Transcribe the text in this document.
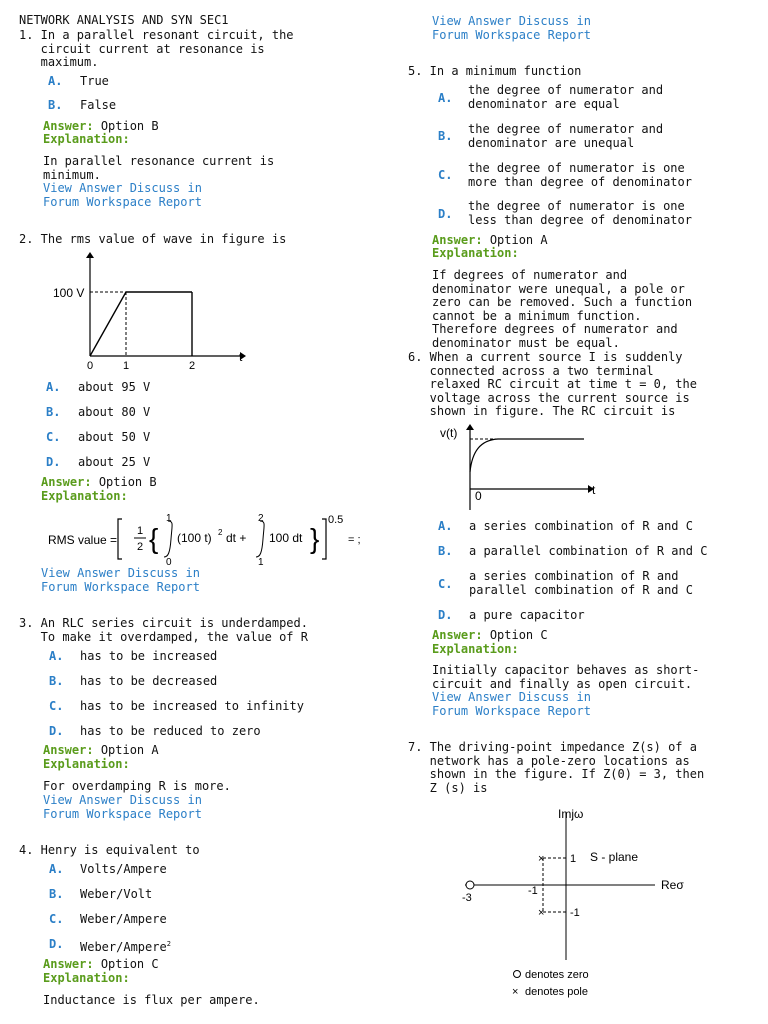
NETWORK ANALYSIS AND SYN SEC1
1. In a parallel resonant circuit, the
circuit current at resonance is
maximum.
A. True
B. False
Answer: Option B
Explanation:
In parallel resonance current is
minimum.
View Answer Discuss in
Forum Workspace Report
2. The rms value of wave in figure is
100 V
0	1	2
t
A. about 95 V
B. about 80 V
C. about 50 V
D. about 25 V
Answer: Option B
Explanation:
RMS value =
1
2 {
1
0
(100 t) 2 dt +
2
1
100 dt }
0.5
= ;
View Answer Discuss in
Forum Workspace Report
3. An RLC series circuit is underdamped.
To make it overdamped, the value of R
A. has to be increased
B. has to be decreased
C. has to be increased to infinity
D. has to be reduced to zero
Answer: Option A
Explanation:
For overdamping R is more.
View Answer Discuss in
Forum Workspace Report
4. Henry is equivalent to
A. Volts/Ampere
B. Weber/Volt
C. Weber/Ampere
D. Weber/Ampere$^2$
Answer: Option C
Explanation:
Inductance is flux per ampere.
View Answer Discuss in
Forum Workspace Report
5. In a minimum function
A.
the degree of numerator and
denominator are equal
B. the degree of numerator and
denominator are unequal
C. the degree of numerator is one
more than degree of denominator
D.
the degree of numerator is one
less than degree of denominator
Answer: Option A
Explanation:
If degrees of numerator and
denominator were unequal, a pole or
zero can be removed. Such a function
cannot be a minimum function.
Therefore degrees of numerator and
denominator must be equal.
6. When a current source I is suddenly
connected across a two terminal
relaxed RC circuit at time t = 0, the
voltage across the current source is
shown in figure. The RC circuit is
v(t)
0	t
A. a series combination of R and C
B. a parallel combination of R and C
C.
a series combination of R and
parallel combination of R and C
D. a pure capacitor
Answer: Option C
Explanation:
Initially capacitor behaves as short-
circuit and finally as open circuit.
View Answer Discuss in
Forum Workspace Report
7. The driving-point impedance Z(s) of a
network has a pole-zero locations as
shown in the figure. If Z(0) = 3, then
Z (s) is
×
×
Imjω
Reσ
S - plane
1
-1
-1
-3
denotes zero
× denotes pole
